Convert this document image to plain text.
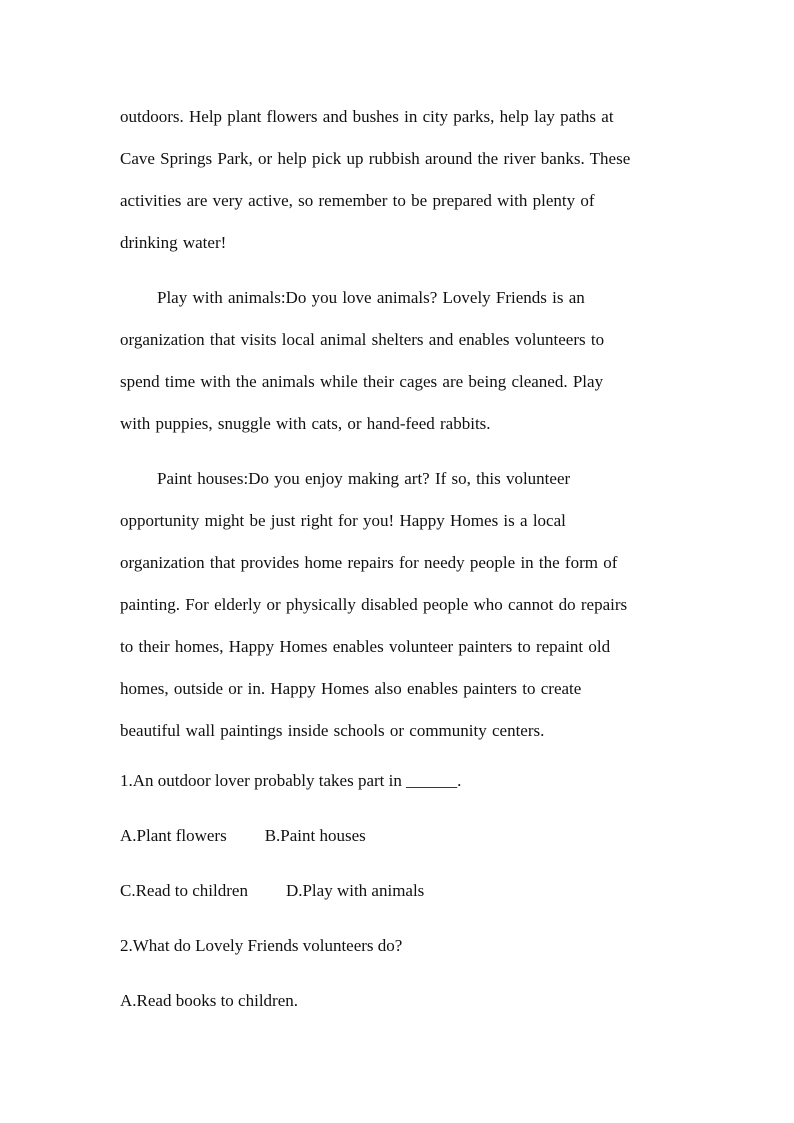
outdoors. Help plant flowers and bushes in city parks, help lay paths at
Cave Springs Park, or help pick up rubbish around the river banks. These
activities are very active, so remember to be prepared with plenty of
drinking water!

Play with animals:Do you love animals? Lovely Friends is an
organization that visits local animal shelters and enables volunteers to
spend time with the animals while their cages are being cleaned. Play
with puppies, snuggle with cats, or hand-feed rabbits.

Paint houses:Do you enjoy making art? If so, this volunteer
opportunity might be just right for you! Happy Homes is a local
organization that provides home repairs for needy people in the form of
painting. For elderly or physically disabled people who cannot do repairs
to their homes, Happy Homes enables volunteer painters to repaint old
homes, outside or in. Happy Homes also enables painters to create
beautiful wall paintings inside schools or community centers.

1.An outdoor lover probably takes part in ______.

A.Plant flowers B.Paint houses

C.Read to children D.Play with animals

2.What do Lovely Friends volunteers do?

A.Read books to children.
